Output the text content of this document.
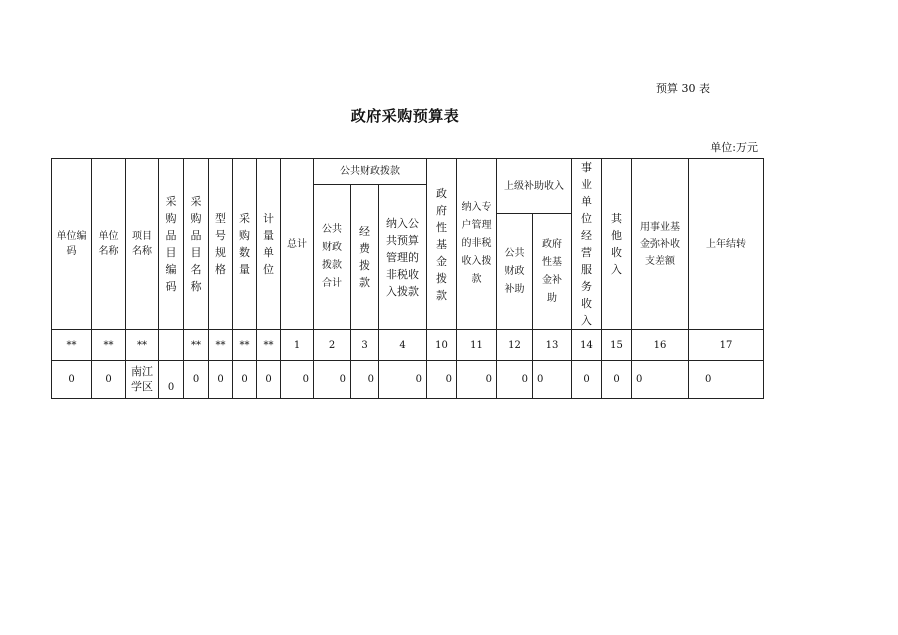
预算 30 表
政府采购预算表
单位:万元
单位编码	单位名称	项目名称	采购品目编码	采购品目名称	型号规格	采购数量	计量单位	总计	公共财政拨款			政府性基金拨款	纳入专户管理的非税收入拨款	上级补助收入		事业单位经营服务收入	其他收入	用事业基金弥补收支差额	上年结转
									公共财政拨款合计	经费拨款	纳入公共预算管理的非税收入拨款								
														公共财政补助	政府性基金补助				
**	**	**		**	**	**	**	1	2	3	4	10	11	12	13	14	15	16	17
0	0	南江学区	0	0	0	0	0	0	0	0	0	0	0	0	0	0	0	0	0
